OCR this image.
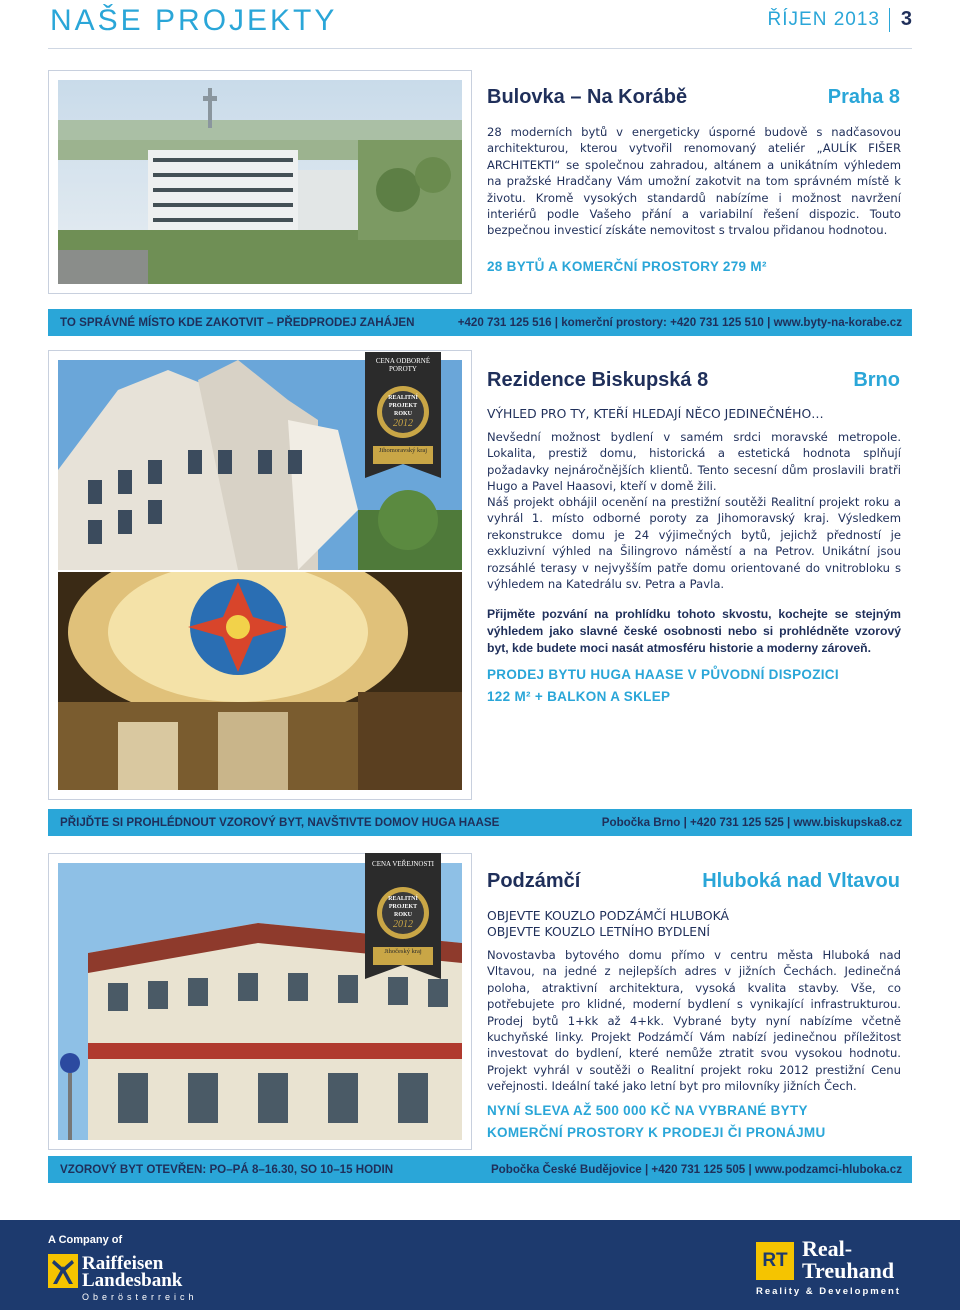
NAŠE PROJEKTY	ŘÍJEN 2013 3
Bulovka – Na Korábě	Praha 8
28 moderních bytů v energeticky úsporné budově s nadčasovou architekturou, kterou vytvořil renomovaný ateliér „AULÍK FIŠER ARCHITEKTI“ se společnou zahradou, altánem a unikátním výhledem na pražské Hradčany Vám umožní zakotvit na tom správném místě k životu. Kromě vysokých standardů nabízíme i možnost navržení interiérů podle Vašeho přání a variabilní řešení dispozic. Touto bezpečnou investicí získáte nemovitost s trvalou přidanou hodnotou.
28 BYTŮ A KOMERČNÍ PROSTORY 279 M²
TO SPRÁVNÉ MÍSTO KDE ZAKOTVIT – PŘEDPRODEJ ZAHÁJEN	+420 731 125 516 | komerční prostory: +420 731 125 510 | www.byty-na-korabe.cz
CENA ODBORNÉ POROTY
REALITNÍ PROJEKT ROKU
2012
Jihomoravský kraj
Rezidence Biskupská 8	Brno
VÝHLED PRO TY, KTEŘÍ HLEDAJÍ NĚCO JEDINEČNÉHO…
Nevšední možnost bydlení v samém srdci moravské metropole. Lokalita, prestiž domu, historická a estetická hodnota splňují požadavky nejnáročnějších klientů. Tento secesní dům proslavili bratři Hugo a Pavel Haasovi, kteří v domě žili.
Náš projekt obhájil ocenění na prestižní soutěži Realitní projekt roku a vyhrál 1. místo odborné poroty za Jihomoravský kraj. Výsledkem rekonstrukce domu je 24 výjimečných bytů, jejichž předností je exkluzivní výhled na Šilingrovo náměstí a na Petrov. Unikátní jsou rozsáhlé terasy v nejvyšším patře domu orientované do vnitrobloku s výhledem na Katedrálu sv. Petra a Pavla.
Přijměte pozvání na prohlídku tohoto skvostu, kochejte se stejným výhledem jako slavné české osobnosti nebo si prohlédněte vzorový byt, kde budete moci nasát atmosféru historie a moderny zároveň.
PRODEJ BYTU HUGA HAASE V PŮVODNÍ DISPOZICI
122 M² + BALKON A SKLEP
PŘIJĎTE SI PROHLÉDNOUT VZOROVÝ BYT, NAVŠTIVTE DOMOV HUGA HAASE	Pobočka Brno | +420 731 125 525 | www.biskupska8.cz
CENA VEŘEJNOSTI
REALITNÍ PROJEKT ROKU
2012
Jihočeský kraj
Podzámčí	Hluboká nad Vltavou
OBJEVTE KOUZLO PODZÁMČÍ HLUBOKÁ
OBJEVTE KOUZLO LETNÍHO BYDLENÍ
Novostavba bytového domu přímo v centru města Hluboká nad Vltavou, na jedné z nejlepších adres v jižních Čechách. Jedinečná poloha, atraktivní architektura, vysoká kvalita stavby. Vše, co potřebujete pro klidné, moderní bydlení s vynikající infrastrukturou. Prodej bytů 1+kk až 4+kk. Vybrané byty nyní nabízíme včetně kuchyňské linky. Projekt Podzámčí Vám nabízí jedinečnou příležitost investovat do bydlení, které nemůže ztratit svou vysokou hodnotu. Projekt vyhrál v soutěži o Realitní projekt roku 2012 prestižní Cenu veřejnosti. Ideální také jako letní byt pro milovníky jižních Čech.
NYNÍ SLEVA AŽ 500 000 KČ NA VYBRANÉ BYTY
KOMERČNÍ PROSTORY K PRODEJI ČI PRONÁJMU
VZOROVÝ BYT OTEVŘEN: PO–PÁ 8–16.30, SO 10–15 HODIN	Pobočka České Budějovice | +420 731 125 505 | www.podzamci-hluboka.cz
A Company of
Raiffeisen
Landesbank
Oberösterreich
RT Real-
Treuhand
Reality & Development
